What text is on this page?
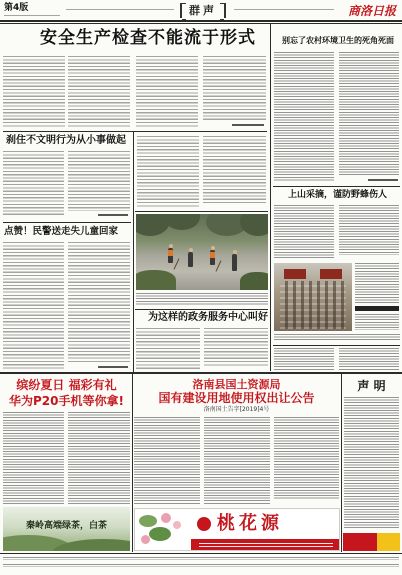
第4版	群声	商洛日报
安全生产检查不能流于形式	别忘了农村环境卫生的死角死面
刹住不文明行为从小事做起
上山采摘，谨防野蜂伤人
点赞！民警送走失儿童回家
为这样的政务服务中心叫好
缤纷夏日 福彩有礼
华为P20手机等你拿!
秦岭高端绿茶，白茶
洛南县国土资源局
国有建设用地使用权出让公告
洛南国土告字[2019]4号
桃花源
声 明
